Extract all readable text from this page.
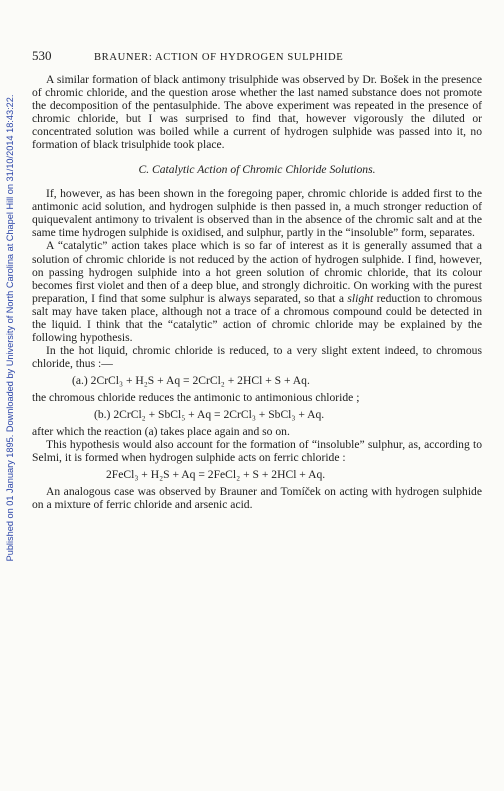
Published on 01 January 1895. Downloaded by University of North Carolina at Chapel Hill on 31/10/2014 18:43:22.
530	BRAUNER: ACTION OF HYDROGEN SULPHIDE

A similar formation of black antimony trisulphide was observed by Dr. Bošek in the presence of chromic chloride, and the question arose whether the last named substance does not promote the decomposition of the pentasulphide. The above experiment was repeated in the presence of chromic chloride, but I was surprised to find that, however vigorously the diluted or concentrated solution was boiled while a current of hydrogen sulphide was passed into it, no formation of black trisulphide took place.

C. Catalytic Action of Chromic Chloride Solutions.

If, however, as has been shown in the foregoing paper, chromic chloride is added first to the antimonic acid solution, and hydrogen sulphide is then passed in, a much stronger reduction of quiquevalent antimony to trivalent is observed than in the absence of the chromic salt and at the same time hydrogen sulphide is oxidised, and sulphur, partly in the “insoluble” form, separates.

A “catalytic” action takes place which is so far of interest as it is generally assumed that a solution of chromic chloride is not reduced by the action of hydrogen sulphide. I find, however, on passing hydrogen sulphide into a hot green solution of chromic chloride, that its colour becomes first violet and then of a deep blue, and strongly dichroitic. On working with the purest preparation, I find that some sulphur is always separated, so that a slight reduction to chromous salt may have taken place, although not a trace of a chromous compound could be detected in the liquid. I think that the “catalytic” action of chromic chloride may be explained by the following hypothesis.

In the hot liquid, chromic chloride is reduced, to a very slight extent indeed, to chromous chloride, thus :—

(a.) 2CrCl₃ + H₂S + Aq = 2CrCl₂ + 2HCl + S + Aq.

the chromous chloride reduces the antimonic to antimonious chloride ;

(b.) 2CrCl₂ + SbCl₅ + Aq = 2CrCl₃ + SbCl₃ + Aq.

after which the reaction (a) takes place again and so on.

This hypothesis would also account for the formation of “insoluble” sulphur, as, according to Selmi, it is formed when hydrogen sulphide acts on ferric chloride :

2FeCl₃ + H₂S + Aq = 2FeCl₂ + S + 2HCl + Aq.

An analogous case was observed by Brauner and Tomíček on acting with hydrogen sulphide on a mixture of ferric chloride and arsenic acid.
